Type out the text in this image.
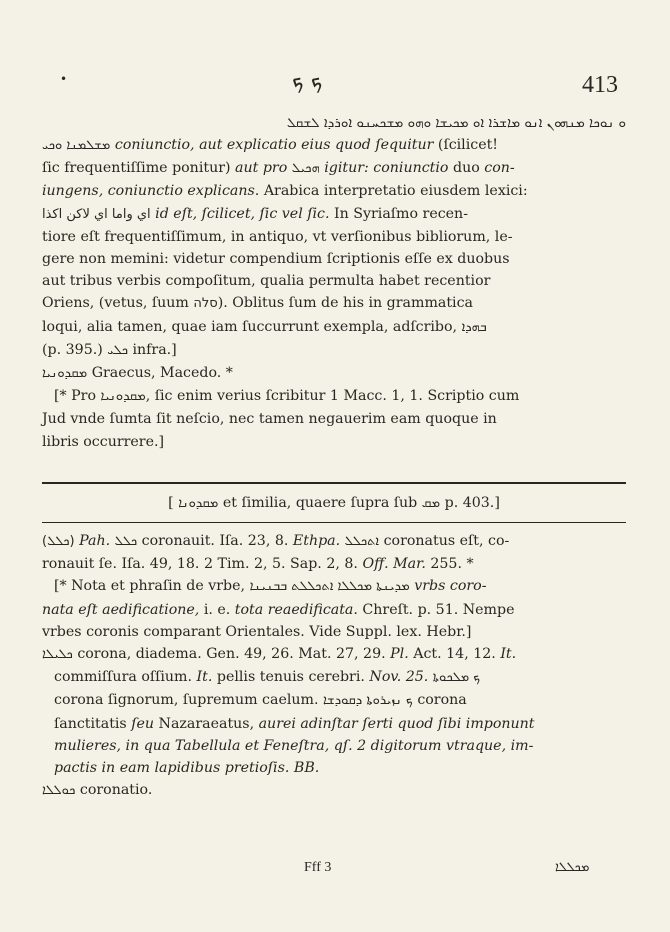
•	ܟ ܟ	413

ܘ ܢܘܟܐ ܡܢܗܘܢ ܐܢܘ ܡܐܫܪܐ ܐܘ ܡܟܝܫܐ ܘܗܘ ܡܫܟܚܢܘ ܐܘܪܕܐ ܠܫܩܠ

ܡܫܠܡܢܐ ܘܟܝ coniunctio, aut explicatio eius quod ſequitur (ſcilicet!

ſic frequentiſſime ponitur) aut pro ܗܟܝܠ igitur: coniunctio duo con-

iungens, coniunctio explicans. Arabica interpretatio eiusdem lexici:

اي واما اي لاكن اكذا id eſt, ſcilicet, ſic vel ſic. In Syriaſmo recen-

tiore eſt frequentiſſimum, in antiquo, vt verſionibus bibliorum, le-

gere non memini: videtur compendium ſcriptionis eſſe ex duobus

aut tribus verbis compoſitum, qualia permulta habet recentior

Oriens, (vetus, ſuum סלה). Oblitus ſum de his in grammatica

loqui, alia tamen, quae iam ſuccurrunt exempla, adſcribo, ܒܗܕܐ

(p. 395.) ܟܠܝ infra.]

ܡܩܕܘܢܝܐ Graecus, Macedo. *

[* Pro ܡܩܕܘܢܝܐ, ſic enim verius ſcribitur 1 Macc. 1, 1. Scriptio cum

Jud vnde ſumta ſit neſcio, nec tamen negauerim eam quoque in

libris occurrere.]

[ ܡܩܕܘܢܐ et ſimilia, quaere ſupra ſub ܡܩ p. 403.]

(ܟܠܠ) Pah. ܟܠܠ coronauit. Iſa. 23, 8. Ethpa. ܐܬܟܠܠ coronatus eſt, co-

ronauit ſe. Iſa. 49, 18. 2 Tim. 2, 5. Sap. 2, 8. Off. Mar. 255. *

[* Nota et phraſin de vrbe, ܡܕܝܢܬܐ ܡܟܠܠܐ ܐܬܟܠܠܬ ܒܒܢܝܢܐ vrbs coro-

nata eſt aedificatione, i. e. tota reaedificata. Chreſt. p. 51. Nempe

vrbes coronis comparant Orientales. Vide Suppl. lex. Hebr.]

ܟܠܝܠܐ corona, diadema. Gen. 49, 26. Mat. 27, 29. Pl. Act. 14, 12. It.

commiſſura oſſium. It. pellis tenuis cerebri. Nov. 25. ܟ ܡܠܟܘܬܐ

corona ſignorum, ſupremum caelum. ܟ ܢܙܝܪܘܬܐ ܕܩܘܕܫܐ corona

ſanctitatis ſeu Nazaraeatus, aurei adinſtar ſerti quod ſibi imponunt

mulieres, in qua Tabellula et Feneſtra, qſ. 2 digitorum vtraque, im-

pactis in eam lapidibus pretioſis. BB.

ܟܘܠܠܐ coronatio.

Fff 3	ܡܟܠܠܐ
